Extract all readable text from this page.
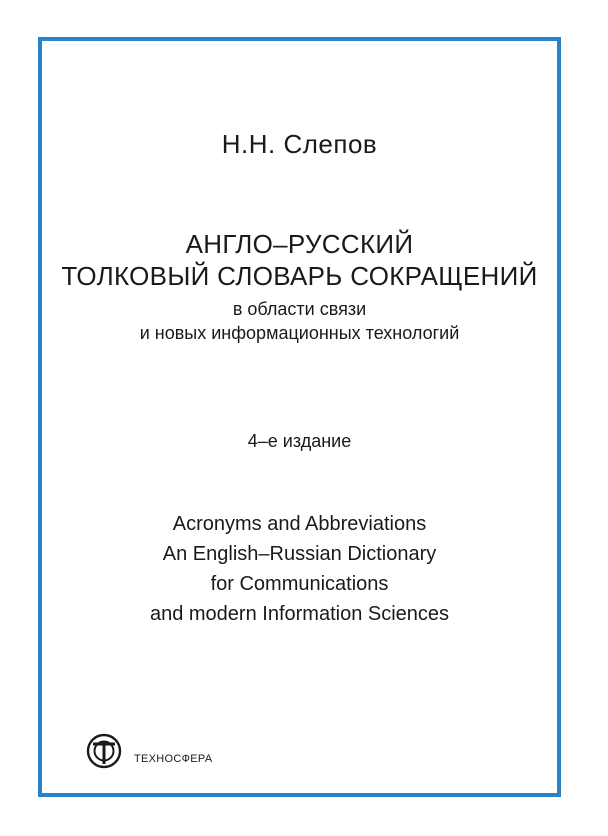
Н.Н. Слепов
АНГЛО–РУССКИЙ
ТОЛКОВЫЙ СЛОВАРЬ СОКРАЩЕНИЙ
в области связи
и новых информационных технологий
4–е издание
Acronyms and Abbreviations
An English–Russian Dictionary
for Communications
and modern Information Sciences
ТЕХНОСФЕРА
